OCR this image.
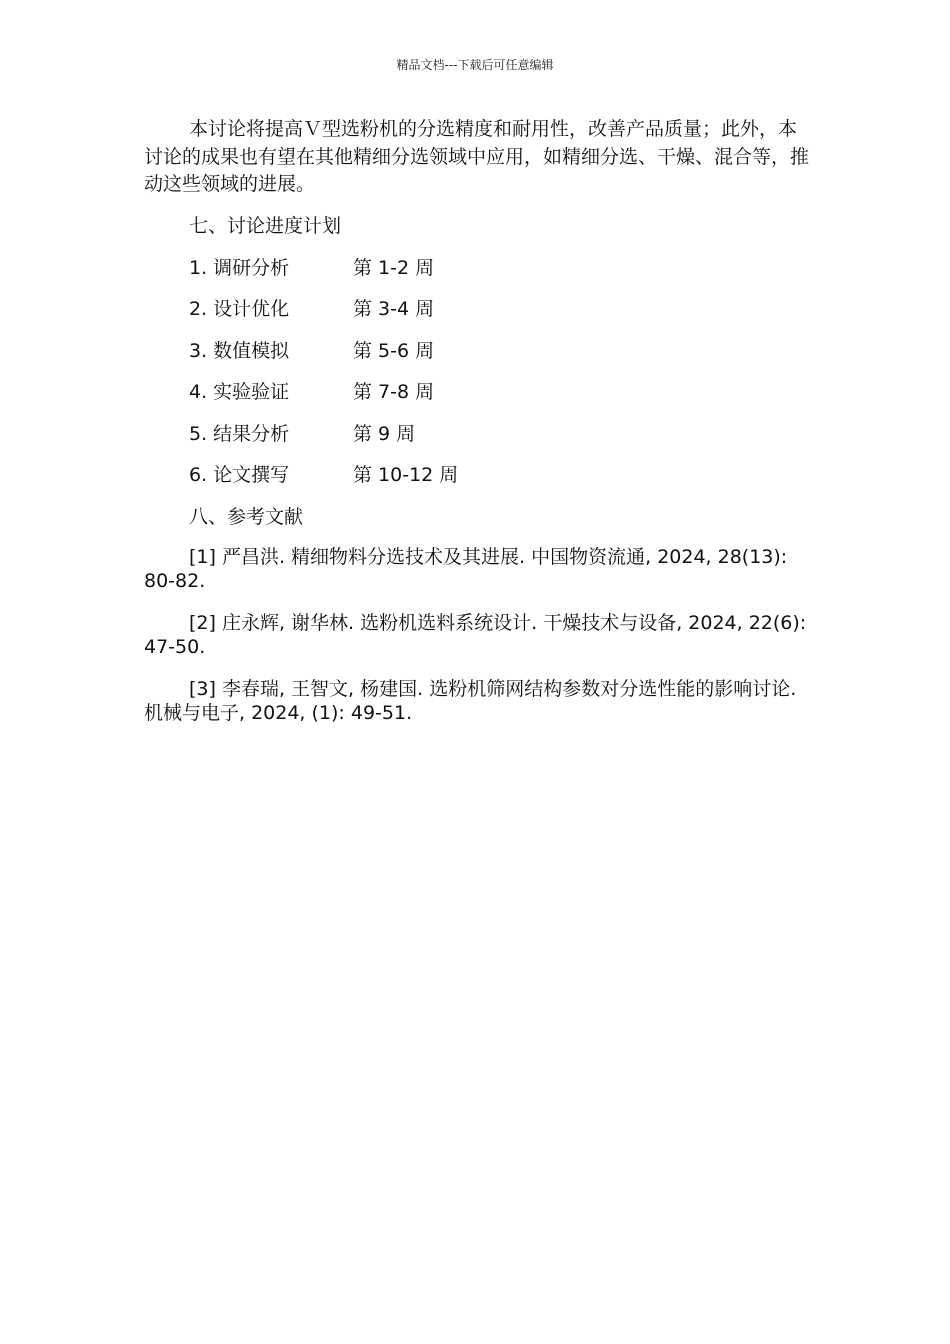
精品文档---下载后可任意编辑

本讨论将提高Ｖ型选粉机的分选精度和耐用性，改善产品质量；此外，本讨论的成果也有望在其他精细分选领域中应用，如精细分选、干燥、混合等，推动这些领域的进展。

七、讨论进度计划
1. 调研分析	第 1-2 周
2. 设计优化	第 3-4 周
3. 数值模拟	第 5-6 周
4. 实验验证	第 7-8 周
5. 结果分析	第 9 周
6. 论文撰写	第 10-12 周
八、参考文献

[1] 严昌洪. 精细物料分选技术及其进展. 中国物资流通, 2024, 28(13): 80-82.

[2] 庄永辉, 谢华林. 选粉机选料系统设计. 干燥技术与设备, 2024, 22(6): 47-50.

[3] 李春瑞, 王智文, 杨建国. 选粉机筛网结构参数对分选性能的影响讨论. 机械与电子, 2024, (1): 49-51.
